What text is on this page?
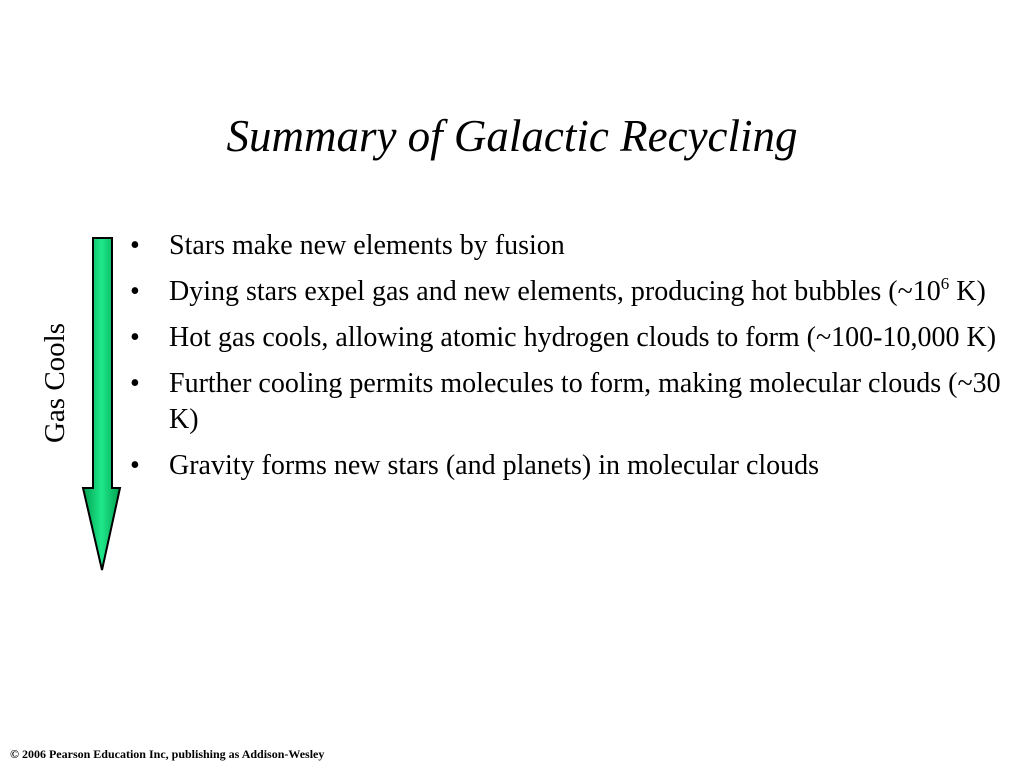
Summary of Galactic Recycling
Gas Cools
• Stars make new elements by fusion
• Dying stars expel gas and new elements, producing hot bubbles ($\sim 10^6$ K)
• Hot gas cools, allowing atomic hydrogen clouds to form (~100-10,000 K)
• Further cooling permits molecules to form, making molecular clouds (~30 K)
• Gravity forms new stars (and planets) in molecular clouds
© 2006 Pearson Education Inc, publishing as Addison-Wesley
